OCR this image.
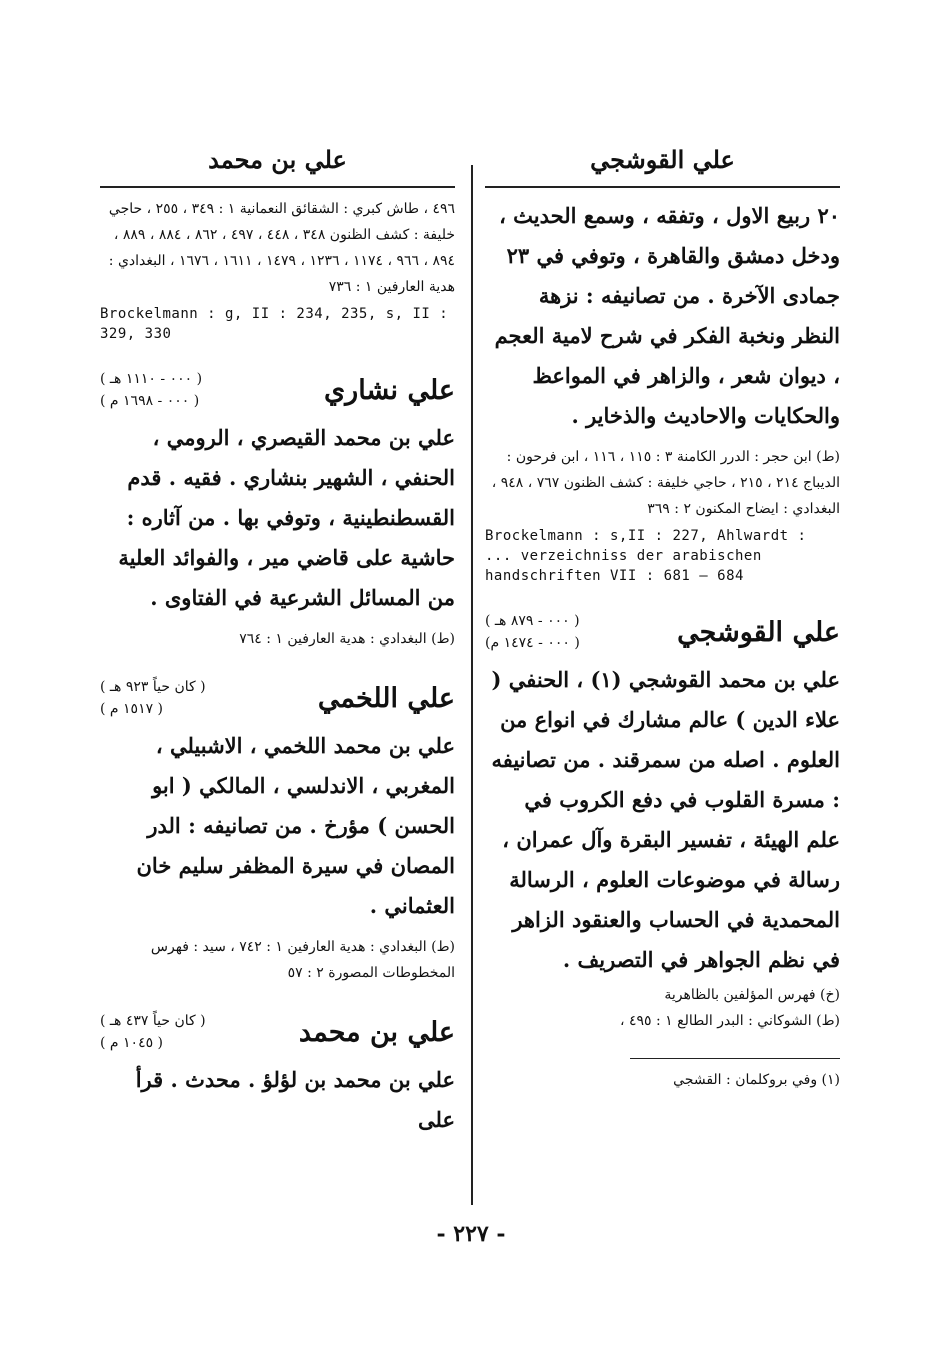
علي القوشجي

٢٠ ربيع الاول ، وتفقه ، وسمع الحديث ، ودخل دمشق والقاهرة ، وتوفي في ٢٣ جمادى الآخرة . من تصانيفه : نزهة النظر ونخبة الفكر في شرح لامية العجم ، ديوان شعر ، والزاهر في المواعظ والحكايات والاحاديث والذخاير .

(ط) ابن حجر : الدرر الكامنة ٣ : ١١٥ ، ١١٦ ، ابن فرحون : الديباج ٢١٤ ، ٢١٥ ، حاجي خليفة : كشف الظنون ٧٦٧ ، ٩٤٨ ، البغدادي : ايضاح المكنون ٢ : ٣٦٩

Brockelmann : s,II : 227, Ahlwardt : ... verzeichniss der arabischen handschriften VII : 681 — 684

علي القوشجي
( ٠٠٠ - ٨٧٩ هـ )
( ٠٠٠ - ١٤٧٤ م)

علي بن محمد القوشجي (١) ، الحنفي ( علاء الدين ) عالم مشارك في انواع من العلوم . اصله من سمرقند . من تصانيفه : مسرة القلوب في دفع الكروب في علم الهيئة ، تفسير البقرة وآل عمران ، رسالة في موضوعات العلوم ، الرسالة المحمدية في الحساب والعنقود الزاهر في نظم الجواهر في التصريف .

(خ) فهرس المؤلفين بالظاهرية

(ط) الشوكاني : البدر الطالع ١ : ٤٩٥ ،

(١) وفي بروكلمان : القشجي
علي بن محمد

٤٩٦ ، طاش كبري : الشقائق النعمانية ١ : ٣٤٩ ، ٢٥٥ ، حاجي خليفة : كشف الظنون ٣٤٨ ، ٤٤٨ ، ٤٩٧ ، ٨٦٢ ، ٨٨٤ ، ٨٨٩ ، ٨٩٤ ، ٩٦٦ ، ١١٧٤ ، ١٢٣٦ ، ١٤٧٩ ، ١٦١١ ، ١٦٧٦ ، البغدادي : هدية العارفين ١ : ٧٣٦

Brockelmann : g, II : 234, 235, s, II : 329, 330

علي نشاري
( ٠٠٠ - ١١١٠ هـ )
( ٠٠٠ - ١٦٩٨ م )

علي بن محمد القيصري ، الرومي ، الحنفي ، الشهير بنشاري . فقيه . قدم القسطنطينية ، وتوفي بها . من آثاره : حاشية على قاضي مير ، والفوائد العلية من المسائل الشرعية في الفتاوى .

(ط) البغدادي : هدية العارفين ١ : ٧٦٤

علي اللخمي
( كان حياً ٩٢٣ هـ )
( ١٥١٧ م )

علي بن محمد اللخمي ، الاشبيلي ، المغربي ، الاندلسي ، المالكي ( ابو الحسن ) مؤرخ . من تصانيفه : الدر المصان في سيرة المظفر سليم خان العثماني .

(ط) البغدادي : هدية العارفين ١ : ٧٤٢ ، سيد : فهرس المخطوطات المصورة ٢ : ٥٧

علي بن محمد
( كان حياً ٤٣٧ هـ )
( ١٠٤٥ م )

علي بن محمد بن لؤلؤ . محدث . قرأ على

- ٢٢٧ -
